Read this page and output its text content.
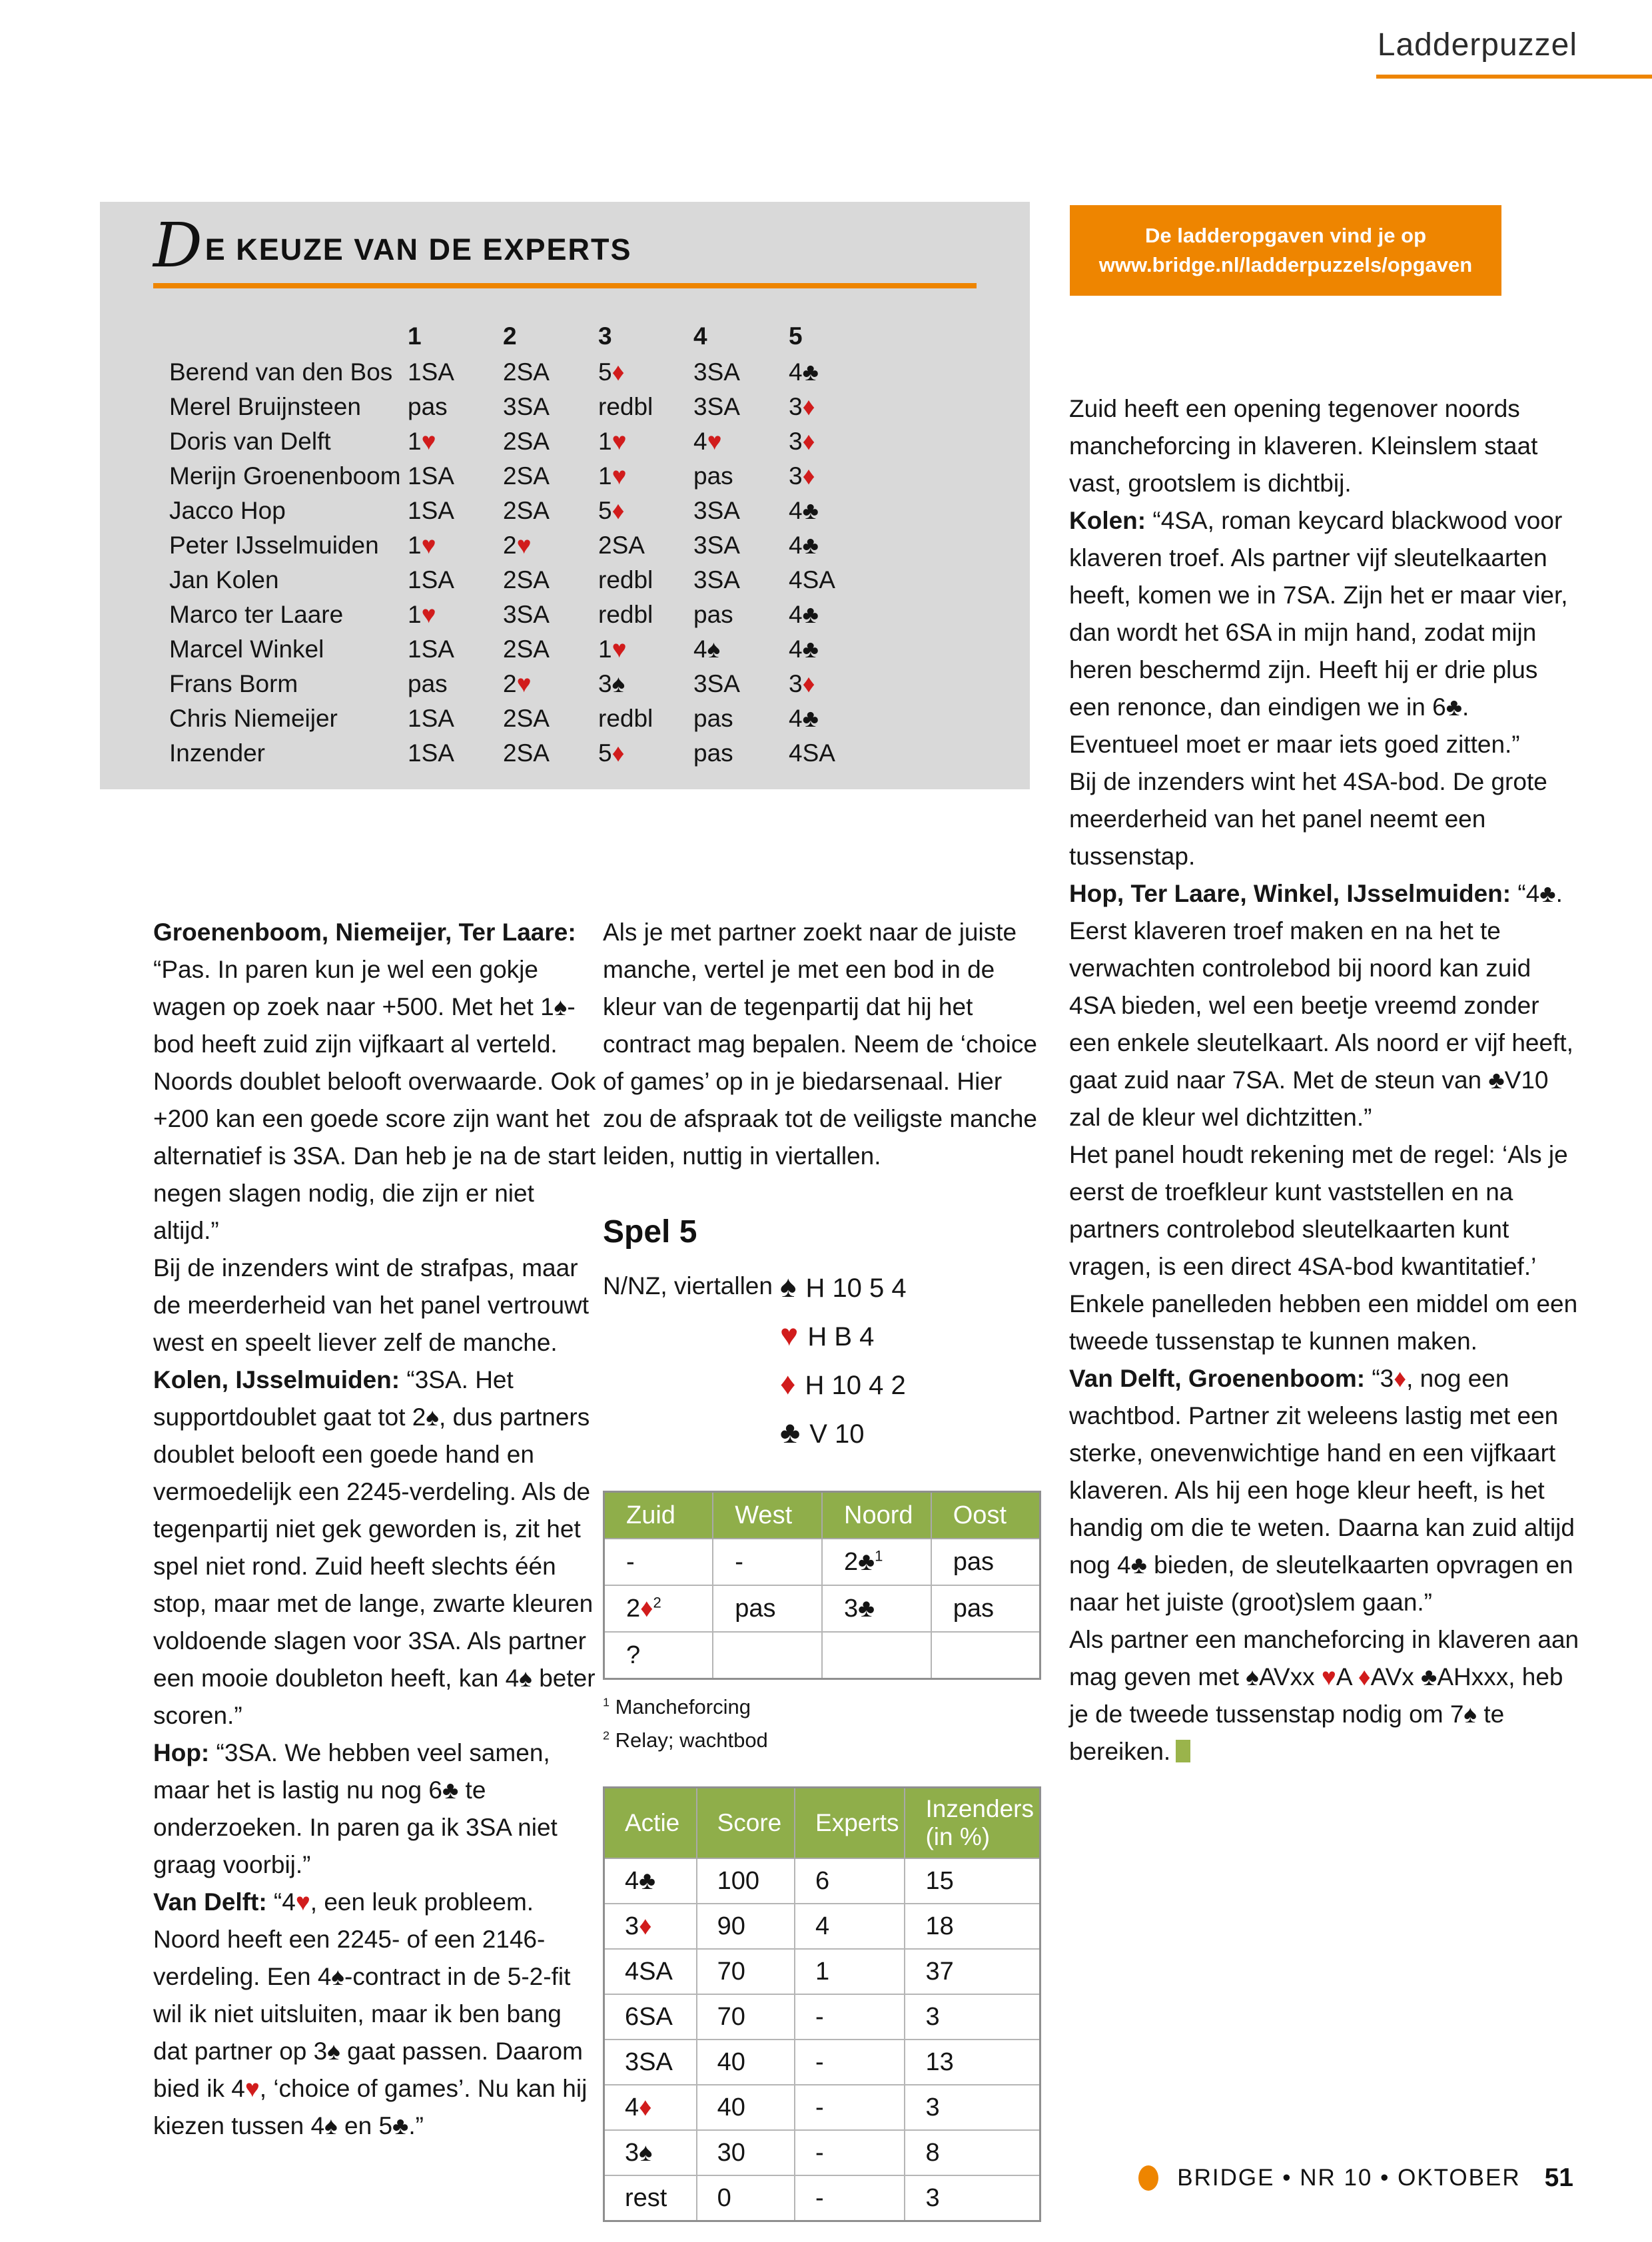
Ladderpuzzel
De ladderopgaven vind je op
www.bridge.nl/ladderpuzzels/opgaven
DE KEUZE VAN DE EXPERTS
	1	2	3	4	5
Berend van den Bos	1SA	2SA	5♦	3SA	4♣
Merel Bruijnsteen	pas	3SA	redbl	3SA	3♦
Doris van Delft	1♥	2SA	1♥	4♥	3♦
Merijn Groenenboom	1SA	2SA	1♥	pas	3♦
Jacco Hop	1SA	2SA	5♦	3SA	4♣
Peter IJsselmuiden	1♥	2♥	2SA	3SA	4♣
Jan Kolen	1SA	2SA	redbl	3SA	4SA
Marco ter Laare	1♥	3SA	redbl	pas	4♣
Marcel Winkel	1SA	2SA	1♥	4♠	4♣
Frans Borm	pas	2♥	3♠	3SA	3♦
Chris Niemeijer	1SA	2SA	redbl	pas	4♣
Inzender	1SA	2SA	5♦	pas	4SA

Groenenboom, Niemeijer, Ter Laare: “Pas. In paren kun je wel een gokje wagen op zoek naar +500. Met het 1♠-bod heeft zuid zijn vijfkaart al verteld. Noords doublet belooft overwaarde. Ook +200 kan een goede score zijn want het alternatief is 3SA. Dan heb je na de start negen slagen nodig, die zijn er niet altijd.”

Bij de inzenders wint de strafpas, maar de meerderheid van het panel vertrouwt west en speelt liever zelf de manche.

Kolen, IJsselmuiden: “3SA. Het supportdoublet gaat tot 2♠, dus partners doublet belooft een goede hand en vermoedelijk een 2245-verdeling. Als de tegenpartij niet gek geworden is, zit het spel niet rond. Zuid heeft slechts één stop, maar met de lange, zwarte kleuren voldoende slagen voor 3SA. Als partner een mooie doubleton heeft, kan 4♠ beter scoren.”

Hop: “3SA. We hebben veel samen, maar het is lastig nu nog 6♣ te onderzoeken. In paren ga ik 3SA niet graag voorbij.”

Van Delft: “4♥, een leuk probleem. Noord heeft een 2245- of een 2146-verdeling. Een 4♠-contract in de 5-2-fit wil ik niet uitsluiten, maar ik ben bang dat partner op 3♠ gaat passen. Daarom bied ik 4♥, ‘choice of games’. Nu kan hij kiezen tussen 4♠ en 5♣.”

Als je met partner zoekt naar de juiste manche, vertel je met een bod in de kleur van de tegenpartij dat hij het contract mag bepalen. Neem de ‘choice of games’ op in je biedarsenaal. Hier zou de afspraak tot de veiligste manche leiden, nuttig in viertallen.

Spel 5
N/NZ, viertallen ♠ H 10 5 4
♥ H B 4
♦ H 10 4 2
♣ V 10
Zuid	West	Noord	Oost
-	-	2♣$^1$	pas
2♦$^2$	pas	3♣	pas
?			
$^1$ Mancheforcing
$^2$ Relay; wachtbod
Actie	Score	Experts	Inzenders (in %)
4♣	100	6	15
3♦	90	4	18
4SA	70	1	37
6SA	70	-	3
3SA	40	-	13
4♦	40	-	3
3♠	30	-	8
rest	0	-	3

Zuid heeft een opening tegenover noords mancheforcing in klaveren. Kleinslem staat vast, grootslem is dichtbij.

Kolen: “4SA, roman keycard blackwood voor klaveren troef. Als partner vijf sleutelkaarten heeft, komen we in 7SA. Zijn het er maar vier, dan wordt het 6SA in mijn hand, zodat mijn heren beschermd zijn. Heeft hij er drie plus een renonce, dan eindigen we in 6♣. Eventueel moet er maar iets goed zitten.”

Bij de inzenders wint het 4SA-bod. De grote meerderheid van het panel neemt een tussenstap.

Hop, Ter Laare, Winkel, IJsselmuiden: “4♣. Eerst klaveren troef maken en na het te verwachten controlebod bij noord kan zuid 4SA bieden, wel een beetje vreemd zonder een enkele sleutelkaart. Als noord er vijf heeft, gaat zuid naar 7SA. Met de steun van ♣V10 zal de kleur wel dichtzitten.”

Het panel houdt rekening met de regel: ‘Als je eerst de troefkleur kunt vaststellen en na partners controlebod sleutelkaarten kunt vragen, is een direct 4SA-bod kwantitatief.’

Enkele panelleden hebben een middel om een tweede tussenstap te kunnen maken.

Van Delft, Groenenboom: “3♦, nog een wachtbod. Partner zit weleens lastig met een sterke, onevenwichtige hand en een vijfkaart klaveren. Als hij een hoge kleur heeft, is het handig om die te weten. Daarna kan zuid altijd nog 4♣ bieden, de sleutelkaarten opvragen en naar het juiste (groot)slem gaan.”

Als partner een mancheforcing in klaveren aan mag geven met ♠AVxx ♥A ♦AVx ♣AHxxx, heb je de tweede tussenstap nodig om 7♠ te bereiken.

BRIDGE • NR 10 • OKTOBER 51
